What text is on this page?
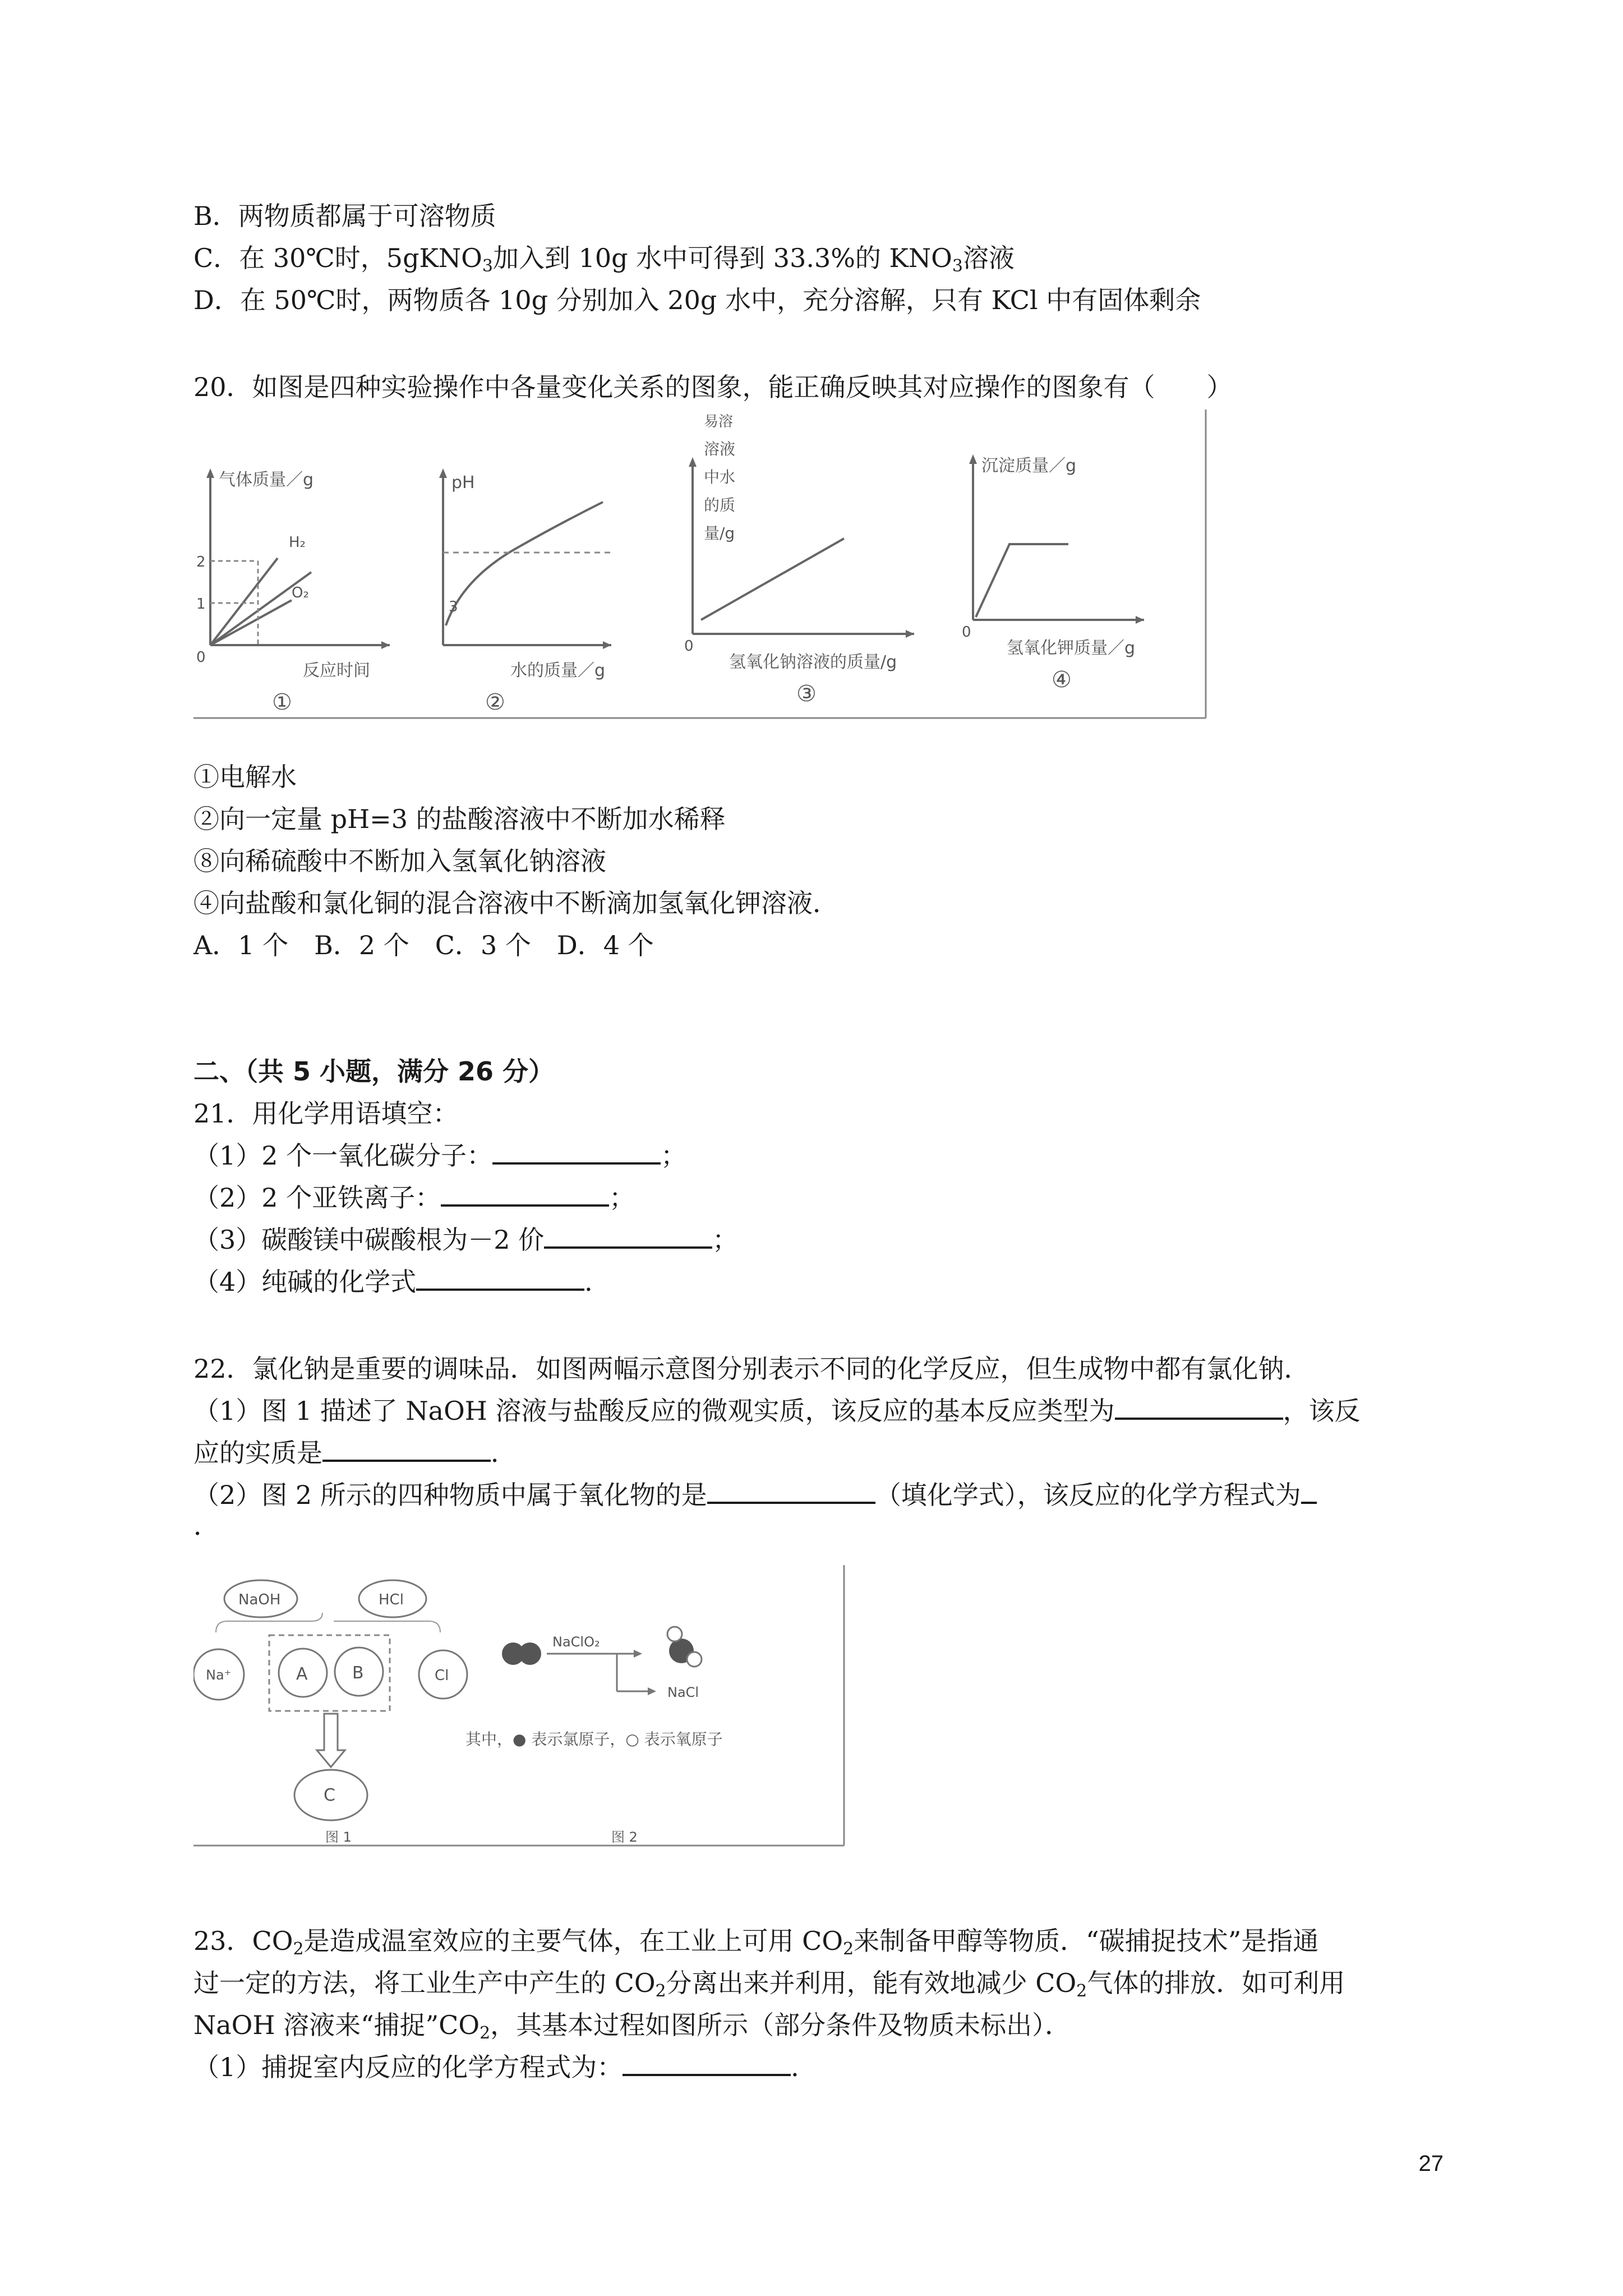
B．两物质都属于可溶物质
C．在 30℃时，5gKNO$_3$加入到 10g 水中可得到 33.3%的 $KNO_3$溶液
D．在 50℃时，两物质各 10g 分别加入 20g 水中，充分溶解，只有 KCl 中有固体剩余
20．如图是四种实验操作中各量变化关系的图象，能正确反映其对应操作的图象有（　　）
气体质量／g
2
1
0
H₂
O₂
反应时间
①
pH
3
水的质量／g
②
易溶
溶液
中水
的质
量/g
0
氢氧化钠溶液的质量/g
③
沉淀质量／g
0
氢氧化钾质量／g
④
①电解水
②向一定量 pH=3 的盐酸溶液中不断加水稀释
⑧向稀硫酸中不断加入氢氧化钠溶液
④向盐酸和氯化铜的混合溶液中不断滴加氢氧化钾溶液．
A．1 个　B．2 个　C．3 个　D．4 个
二、（共 5 小题，满分 26 分）
21．用化学用语填空：
（1）2 个一氧化碳分子：	；
（2）2 个亚铁离子：	；
（3）碳酸镁中碳酸根为－2 价	；
（4）纯碱的化学式	．
22．氯化钠是重要的调味品．如图两幅示意图分别表示不同的化学反应，但生成物中都有氯化钠．
（1）图 1 描述了 NaOH 溶液与盐酸反应的微观实质，该反应的基本反应类型为	，该反
应的实质是	．
（2）图 2 所示的四种物质中属于氧化物的是	（填化学式），该反应的化学方程式为
．
NaOH	HCl
Na⁺	A	B	Cl
C
图 1
NaClO₂
NaCl
其中，● 表示氯原子，○ 表示氧原子
图 2
23．$CO_2$是造成温室效应的主要气体，在工业上可用 $CO_2$来制备甲醇等物质．“碳捕捉技术”是指通
过一定的方法，将工业生产中产生的 $CO_2$分离出来并利用，能有效地减少 $CO_2$气体的排放．如可利用
NaOH 溶液来“捕捉$”CO_2$，其基本过程如图所示（部分条件及物质未标出）．
（1）捕捉室内反应的化学方程式为：	．
27
